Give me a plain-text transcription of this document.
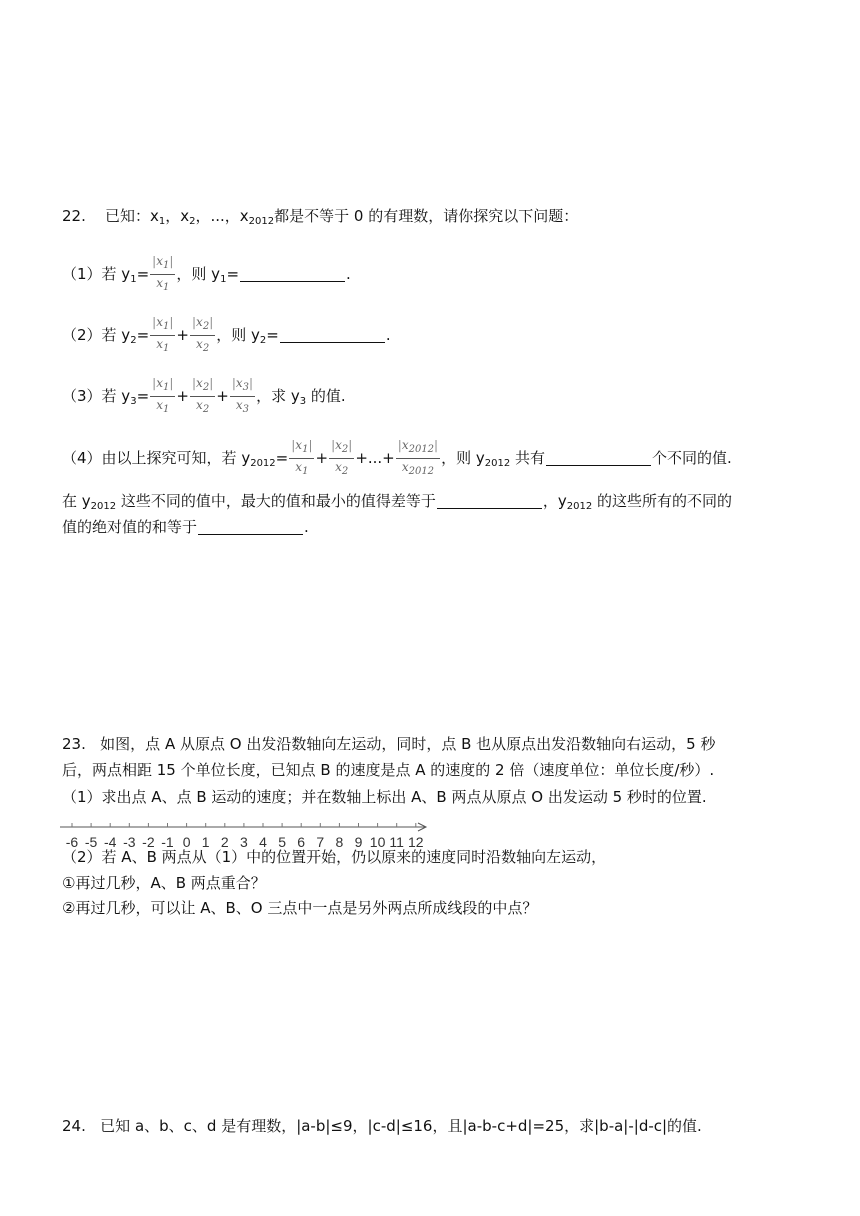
22. 已知：$x_1$，$x_2$，...，$x_{2012}$都是不等于 0 的有理数，请你探究以下问题：
（1）若 $y_1=$ | $\frac{x_1 |}{x_1}$ ，则 $y_1=$	.
（2）若 $y_2=$ | $\frac{x_1 |}{x_1}$ + | $\frac{x_2 |}{x_2}$ ，则 $y_2=$	.
（3）若 $y_3=$ | $\frac{x_1 |}{x_1}$ + | $\frac{x_2 |}{x_2}$ + | $\frac{x_3 |}{x_3}$ ，求 $y_3$ 的值.
（4）由以上探究可知，若 $y_{2012}=$ | $\frac{x_1 |}{x_1}$ + | $\frac{x_2 |}{x_2}$ +...+ | $\frac{x_{2012} |}{x_{2012}}$ ，则 $y_{2012}$ 共有	个不同的值.
在 $y_{2012}$ 这些不同的值中，最大的值和最小的值得差等于	，$y_{2012}$ 的这些所有的不同的
值的绝对值的和等于	.
23. 如图，点 A 从原点 O 出发沿数轴向左运动，同时，点 B 也从原点出发沿数轴向右运动，5 秒
后，两点相距 15 个单位长度，已知点 B 的速度是点 A 的速度的 2 倍（速度单位：单位长度/秒）.
（1）求出点 A、点 B 运动的速度；并在数轴上标出 A、B 两点从原点 O 出发运动 5 秒时的位置.
-6 -5 -4 -3 -2 -1 0 1 2 3 4 5 6 7 8 9 10 11 12
（2）若 A、B 两点从（1）中的位置开始，仍以原来的速度同时沿数轴向左运动，
①再过几秒，A、B 两点重合？
②再过几秒，可以让 A、B、O 三点中一点是另外两点所成线段的中点？
24. 已知 a、b、c、d 是有理数，|a-b|≤9，|c-d|≤16，且|a-b-c+d|=25，求|b-a|-|d-c|的值.
